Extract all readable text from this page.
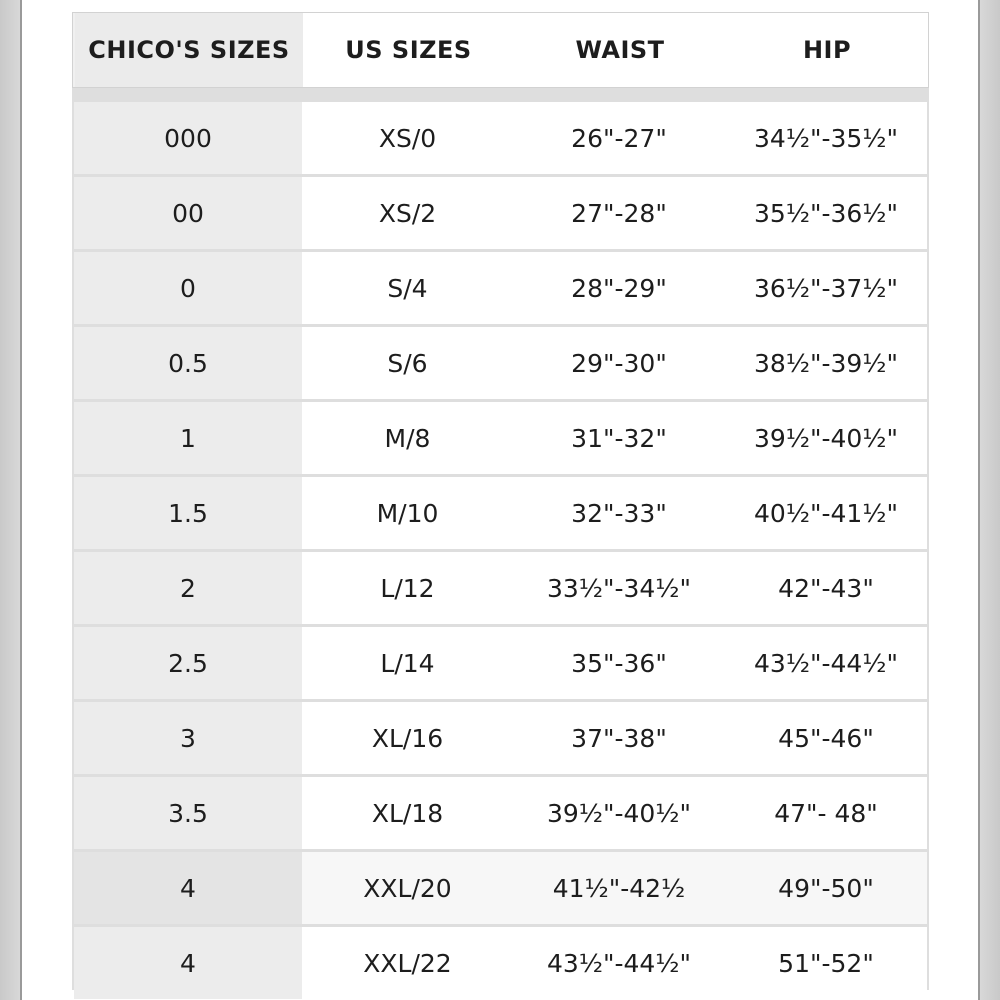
CHICO'S SIZES	US SIZES	WAIST	HIP
000	XS/0	26"-27"	34½"-35½"
00	XS/2	27"-28"	35½"-36½"
0	S/4	28"-29"	36½"-37½"
0.5	S/6	29"-30"	38½"-39½"
1	M/8	31"-32"	39½"-40½"
1.5	M/10	32"-33"	40½"-41½"
2	L/12	33½"-34½"	42"-43"
2.5	L/14	35"-36"	43½"-44½"
3	XL/16	37"-38"	45"-46"
3.5	XL/18	39½"-40½"	47"- 48"
4	XXL/20	41½"-42½	49"-50"
4	XXL/22	43½"-44½"	51"-52"
